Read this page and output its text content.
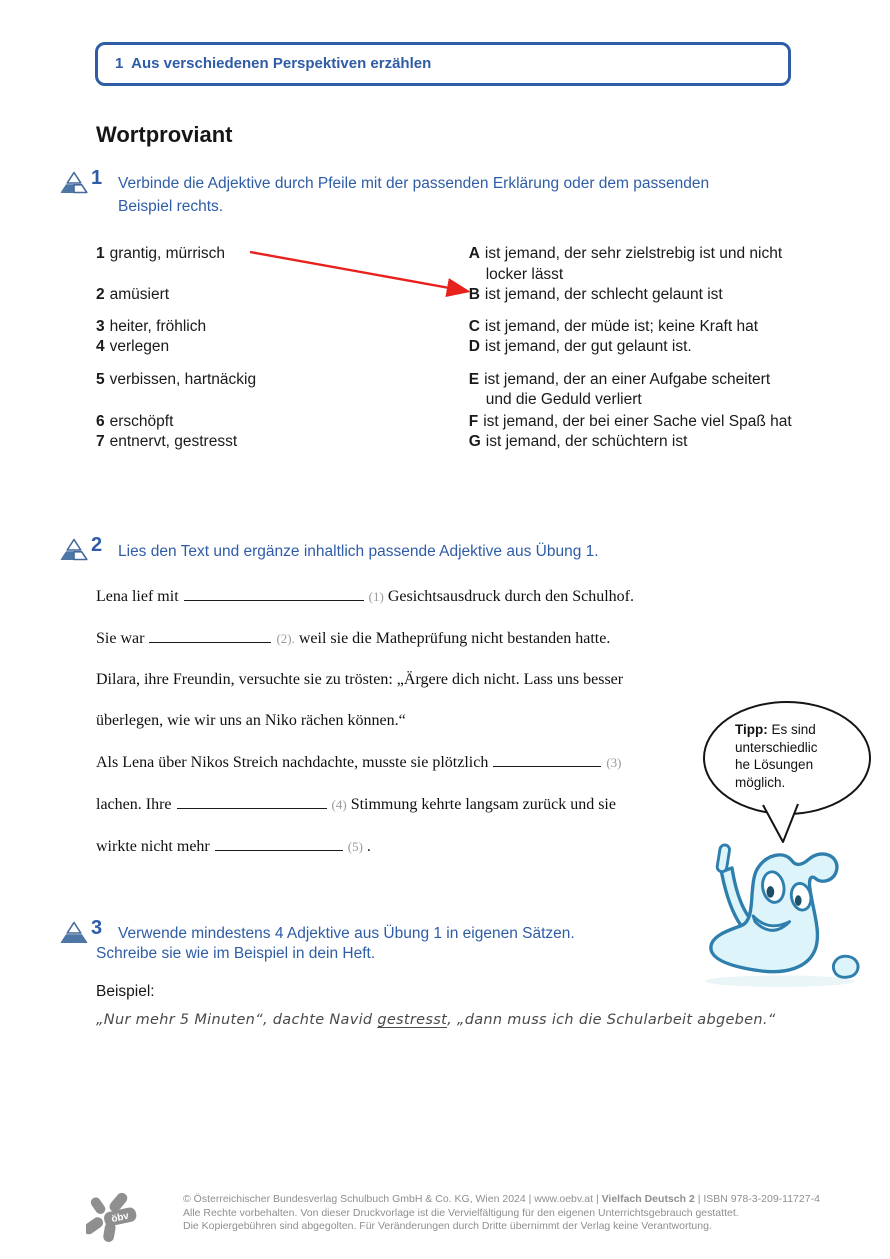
1  Aus verschiedenen Perspektiven erzählen
Wortproviant
1 Verbinde die Adjektive durch Pfeile mit der passenden Erklärung oder dem passenden Beispiel rechts.
1 grantig, mürrisch	A ist jemand, der sehr zielstrebig ist und nicht locker lässt
2 amüsiert	B ist jemand, der schlecht gelaunt ist
3 heiter, fröhlich	C ist jemand, der müde ist; keine Kraft hat
4 verlegen	D ist jemand, der gut gelaunt ist.
5 verbissen, hartnäckig	E ist jemand, der an einer Aufgabe scheitert und die Geduld verliert
6 erschöpft	F ist jemand, der bei einer Sache viel Spaß hat
7 entnervt, gestresst	G ist jemand, der schüchtern ist
2 Lies den Text und ergänze inhaltlich passende Adjektive aus Übung 1.
Lena lief mit	(1) Gesichtsausdruck durch den Schulhof.
Sie war	(2). weil sie die Matheprüfung nicht bestanden hatte.
Dilara, ihre Freundin, versuchte sie zu trösten: „Ärgere dich nicht. Lass uns besser
überlegen, wie wir uns an Niko rächen können.“
Als Lena über Nikos Streich nachdachte, musste sie plötzlich	(3)
lachen. Ihre	(4) Stimmung kehrte langsam zurück und sie
wirkte nicht mehr	(5) .
Tipp: Es sind unterschiedlic he Lösungen möglich.
3 Verwende mindestens 4 Adjektive aus Übung 1 in eigenen Sätzen.
Schreibe sie wie im Beispiel in dein Heft.
Beispiel:
„Nur mehr 5 Minuten“, dachte Navid gestresst, „dann muss ich die Schularbeit abgeben.“
öbv
© Österreichischer Bundesverlag Schulbuch GmbH & Co. KG, Wien 2024 | www.oebv.at | Vielfach Deutsch 2 | ISBN 978-3-209-11727-4
Alle Rechte vorbehalten. Von dieser Druckvorlage ist die Vervielfältigung für den eigenen Unterrichtsgebrauch gestattet.
Die Kopiergebühren sind abgegolten. Für Veränderungen durch Dritte übernimmt der Verlag keine Verantwortung.
